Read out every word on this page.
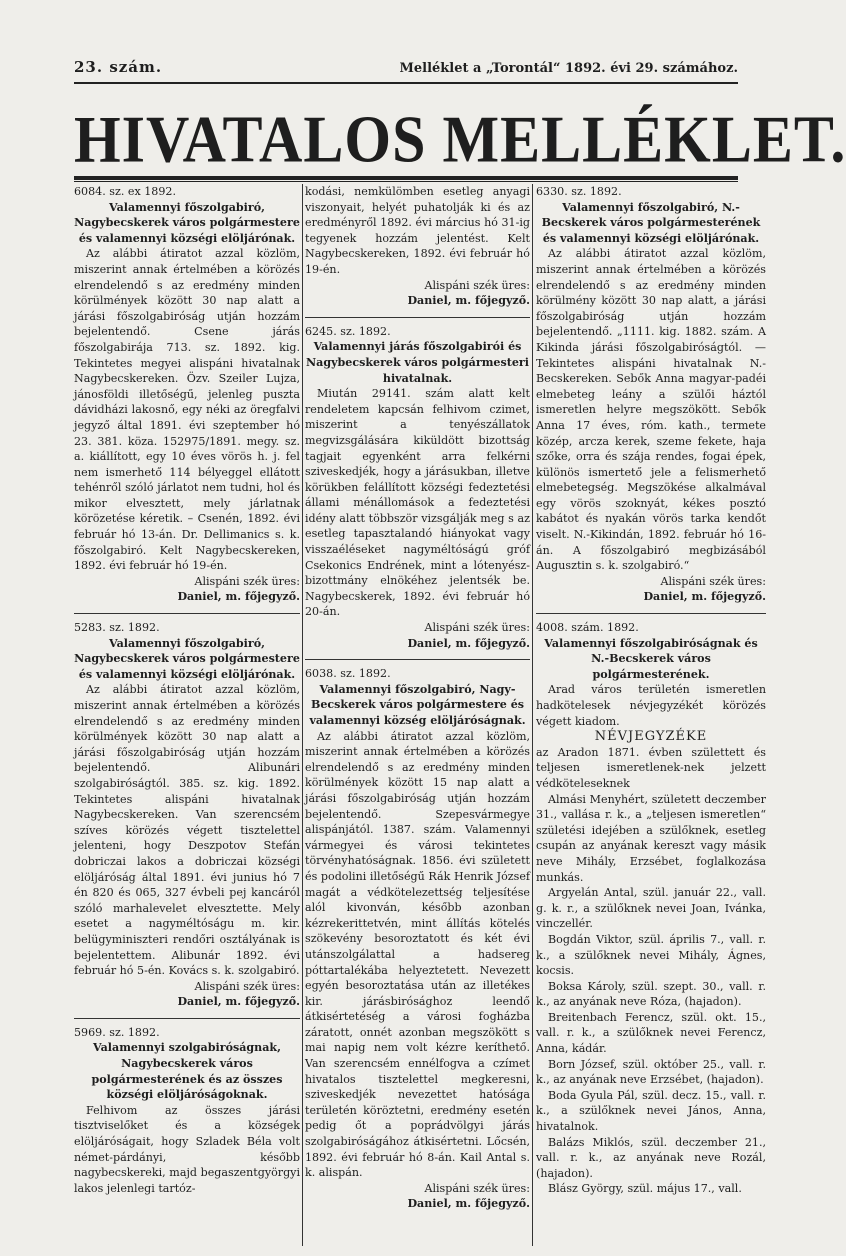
23. szám.	Melléklet a „Torontál“ 1892. évi 29. számához.
HIVATALOS MELLÉKLET.

6084. sz. ex 1892.

Valamennyi főszolgabiró, Nagybecskerek város polgármestere és valamennyi községi elöljárónak.

Az alábbi átiratot azzal közlöm, miszerint annak értelmében a körözés elrendelendő s az eredmény minden körülmények között 30 nap alatt a járási főszolgabiróság utján hozzám bejelentendő. Csene járás főszolgabirája 713. sz. 1892. kig. Tekintetes megyei alispáni hivatalnak Nagybecskereken. Özv. Szeiler Lujza, jánosföldi illetőségű, jelenleg puszta dávidházi lakosnő, egy néki az öregfalvi jegyző által 1891. évi szeptember hó 23. 381. köza. 152975/1891. megy. sz. a. kiállított, egy 10 éves vörös h. j. fel nem ismerhető 114 bélyeggel ellátott tehénről szóló járlatot nem tudni, hol és mikor elvesztett, mely járlatnak körözetése kéretik. – Csenén, 1892. évi február hó 13-án. Dr. Dellimanics s. k. főszolgabiró. Kelt Nagybecskereken, 1892. évi február hó 19-én.

Alispáni szék üres:

Daniel, m. főjegyző.

5283. sz. 1892.

Valamennyi főszolgabiró, Nagybecskerek város polgármestere és valamennyi községi elöljárónak.

Az alábbi átiratot azzal közlöm, miszerint annak értelmében a körözés elrendelendő s az eredmény minden körülmények között 30 nap alatt a járási főszolgabiróság utján hozzám bejelentendő. Alibunári szolgabiróságtól. 385. sz. kig. 1892. Tekintetes alispáni hivatalnak Nagybecskereken. Van szerencsém szíves körözés végett tisztelettel jelenteni, hogy Deszpotov Stefán dobriczai lakos a dobriczai községi elöljáróság által 1891. évi junius hó 7 én 820 és 065, 327 évbeli pej kancáról szóló marhalevelet elvesztette. Mely esetet a nagyméltóságu m. kir. belügyminiszteri rendőri osztályának is bejelentettem. Alibunár 1892. évi február hó 5-én. Kovács s. k. szolgabiró.

Alispáni szék üres:

Daniel, m. főjegyző.

5969. sz. 1892.

Valamennyi szolgabiróságnak, Nagybecskerek város polgármesterének és az összes községi elöljáróságoknak.

Felhivom az összes járási tisztviselőket és a községek elöljáróságait, hogy Szladek Béla volt német-párdányi, később nagybecskereki, majd begaszentgyörgyi lakos jelenlegi tartóz-

kodási, nemkülömben esetleg anyagi viszonyait, helyét puhatolják ki és az eredményről 1892. évi március hó 31-ig tegyenek hozzám jelentést. Kelt Nagybecskereken, 1892. évi február hó 19-én.

Alispáni szék üres:

Daniel, m. főjegyző.

6245. sz. 1892.

Valamennyi járás főszolgabirói és Nagybecskerek város polgármesteri hivatalnak.

Miután 29141. szám alatt kelt rendeletem kapcsán felhivom czimet, miszerint a tenyészállatok megvizsgálására kiküldött bizottság tagjait egyenként arra felkérni sziveskedjék, hogy a járásukban, illetve körükben felállított községi fedeztetési állami ménállomások a fedeztetési idény alatt többször vizsgálják meg s az esetleg tapasztalandó hiányokat vagy visszaéléseket nagyméltóságú gróf Csekonics Endrének, mint a lótenyész-bizottmány elnökéhez jelentsék be. Nagybecskerek, 1892. évi február hó 20-án.

Alispáni szék üres:

Daniel, m. főjegyző.

6038. sz. 1892.

Valamennyi főszolgabiró, Nagy-Becskerek város polgármestere és valamennyi község elöljáróságnak.

Az alábbi átiratot azzal közlöm, miszerint annak értelmében a körözés elrendelendő s az eredmény minden körülmények között 15 nap alatt a járási főszolgabiróság utján hozzám bejelentendő. Szepesvármegye alispánjától. 1387. szám. Valamennyi vármegyei és városi tekintetes törvényhatóságnak. 1856. évi született és podolini illetőségű Rák Henrik József magát a védkötelezettség teljesítése alól kivonván, később azonban kézrekerittetvén, mint állítás kötelés szökevény besoroztatott és két évi utánszolgálattal a hadsereg póttartalékába helyeztetett. Nevezett egyén besoroztatása után az illetékes kir. járásbirósághoz leendő átkisértetéség a városi fogházba záratott, onnét azonban megszökött s mai napig nem volt kézre keríthető. Van szerencsém ennélfogva a czímet hivatalos tisztelettel megkeresni, sziveskedjék nevezettet hatósága területén köröztetni, eredmény esetén pedig őt a poprádvölgyi járás szolgabiróságához átkisértetni. Lőcsén, 1892. évi február hó 8-án. Kail Antal s. k. alispán.

Alispáni szék üres:

Daniel, m. főjegyző.

6330. sz. 1892.

Valamennyi főszolgabiró, N.-Becskerek város polgármesterének és valamennyi községi elöljárónak.

Az alábbi átiratot azzal közlöm, miszerint annak értelmében a körözés elrendelendő s az eredmény minden körülmény között 30 nap alatt, a járási főszolgabiróság utján hozzám bejelentendő. „1111. kig. 1882. szám. A Kikinda járási főszolgabiróságtól. — Tekintetes alispáni hivatalnak N.-Becskereken. Sebők Anna magyar-padéi elmebeteg leány a szülői háztól ismeretlen helyre megszökött. Sebők Anna 17 éves, róm. kath., termete közép, arcza kerek, szeme fekete, haja szőke, orra és szája rendes, fogai épek, különös ismertető jele a felismerhető elmebetegség. Megszökése alkalmával egy vörös szoknyát, kékes posztó kabátot és nyakán vörös tarka kendőt viselt. N.-Kikindán, 1892. február hó 16-án. A főszolgabiró megbizásából Augusztin s. k. szolgabiró.“

Alispáni szék üres:

Daniel, m. főjegyző.

4008. szám. 1892.

Valamennyi főszolgabiróságnak és N.-Becskerek város polgármesterének.

Arad város területén ismeretlen hadkötelesek névjegyzékét körözés végett kiadom.

NÉVJEGYZÉKE

az Aradon 1871. évben születtett és teljesen ismeretlenek-nek jelzett védköteleseknek

Almási Menyhért, született deczember 31., vallása r. k., a „teljesen ismeretlen“ születési idejében a szülőknek, esetleg csupán az anyának kereszt vagy másik neve Mihály, Erzsébet, foglalkozása munkás.

Argyelán Antal, szül. január 22., vall. g. k. r., a szülőknek nevei Joan, Ivánka, vinczellér.

Bogdán Viktor, szül. április 7., vall. r. k., a szülőknek nevei Mihály, Ágnes, kocsis.

Boksa Károly, szül. szept. 30., vall. r. k., az anyának neve Róza, (hajadon).

Breitenbach Ferencz, szül. okt. 15., vall. r. k., a szülőknek nevei Ferencz, Anna, kádár.

Born József, szül. október 25., vall. r. k., az anyának neve Erzsébet, (hajadon).

Boda Gyula Pál, szül. decz. 15., vall. r. k., a szülőknek nevei János, Anna, hivatalnok.

Balázs Miklós, szül. deczember 21., vall. r. k., az anyának neve Rozál, (hajadon).

Blász György, szül. május 17., vall.
